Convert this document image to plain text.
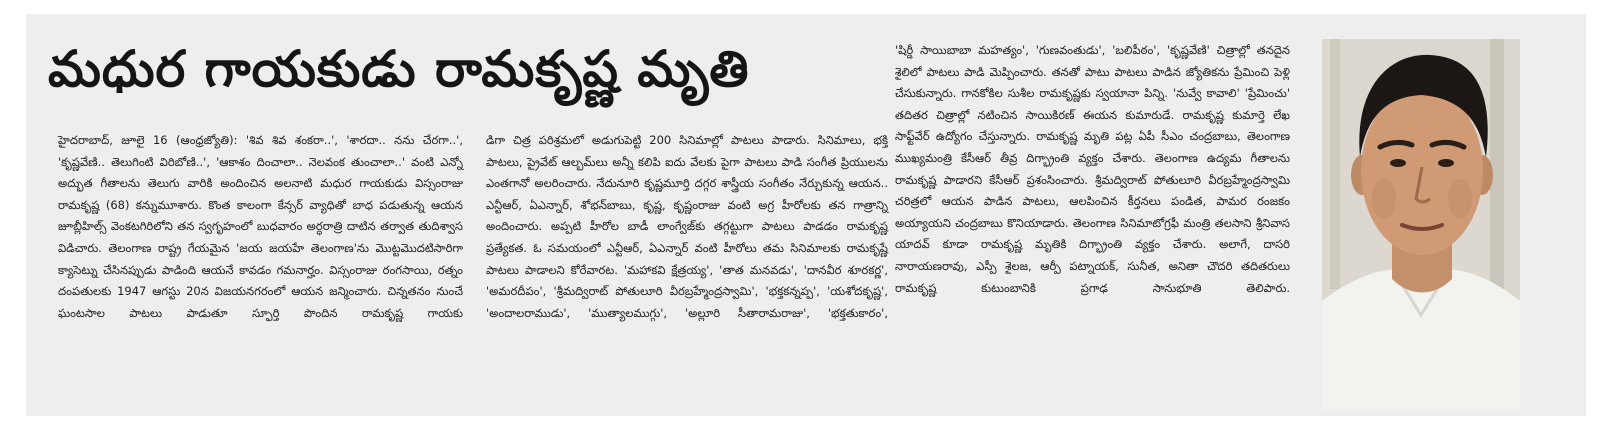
మధుర గాయకుడు రామకృష్ణ మృతి

హైదరాబాద్, జూలై 16 (ఆంధ్రజ్యోతి): 'శివ శివ శంకరా..', 'శారదా.. నను చేరగా..', 'కృష్ణవేణి.. తెలుగింటి విరిబోణి..', 'ఆకాశం దించాలా.. నెలవంక తుంచాలా..' వంటి ఎన్నో అద్భుత గీతాలను తెలుగు వారికి అందించిన అలనాటి మధుర గాయకుడు విస్సంరాజు రామకృష్ణ (68) కన్నుమూశారు. కొంత కాలంగా కేన్సర్ వ్యాధితో బాధ పడుతున్న ఆయన జూబ్లీహిల్స్ వెంకటగిరిలోని తన స్వగృహంలో బుధవారం అర్ధరాత్రి దాటిన తర్వాత తుదిశ్వాస విడిచారు. తెలంగాణ రాష్ట్ర గేయమైన 'జయ జయహే తెలంగాణ'ను మొట్టమొదటిసారిగా క్యాసెట్ను చేసినప్పుడు పాడింది ఆయనే కావడం గమనార్హం. విస్సంరాజు రంగసాయి, రత్నం దంపతులకు 1947 ఆగస్టు 20న విజయనగరంలో ఆయన జన్మించారు. చిన్నతనం నుంచే ఘంటసాల పాటలు పాడుతూ స్ఫూర్తి పొందిన రామకృష్ణ గాయకు

డిగా చిత్ర పరిశ్రమలో అడుగుపెట్టి 200 సినిమాల్లో పాటలు పాడారు. సినిమాలు, భక్తి పాటలు, ప్రైవేట్ ఆల్బమ్‌లు అన్నీ కలిపి ఐదు వేలకు పైగా పాటలు పాడి సంగీత ప్రియులను ఎంతగానో అలరించారు. నేదునూరి కృష్ణమూర్తి దగ్గర శాస్త్రీయ సంగీతం నేర్చుకున్న ఆయన.. ఎన్టీఆర్, ఏఎన్నార్, శోభన్‌బాబు, కృష్ణ, కృష్ణంరాజు వంటి అగ్ర హీరోలకు తన గాత్రాన్ని అందించారు. అప్పటి హీరోల బాడీ లాంగ్వేజ్‌కు తగ్గట్టుగా పాటలు పాడడం రామకృష్ణ ప్రత్యేకత. ఓ సమయంలో ఎన్టీఆర్, ఏఎన్నార్ వంటి హీరోలు తమ సినిమాలకు రామకృష్ణే పాటలు పాడాలని కోరేవారట. 'మహాకవి క్షేత్రయ్య', 'తాత మనవడు', 'దానవీర శూరకర్ణ', 'అమరదీపం', 'శ్రీమద్విరాట్ పోతులూరి వీరబ్రహ్మేంద్రస్వామి', 'భక్తకన్నప్ప', 'యశోదకృష్ణ', 'అందాలరాముడు', 'ముత్యాలముగ్గు', 'అల్లూరి సీతారామరాజు', 'భక్తతుకారం',

'షిర్డీ సాయిబాబా మహత్యం', 'గుణవంతుడు', 'బలిపీఠం', 'కృష్ణవేణి' చిత్రాల్లో తనదైన శైలిలో పాటలు పాడి మెప్పించారు. తనతో పాటు పాటలు పాడిన జ్యోతికను ప్రేమించి పెళ్లి చేసుకున్నారు. గానకోకిల సుశీల రామకృష్ణకు స్వయానా పిన్ని. 'నువ్వే కావాలి' 'ప్రేమించు' తదితర చిత్రాల్లో నటించిన సాయికిరణ్ ఈయన కుమారుడే. రామకృష్ణ కుమార్తె లేఖ సాఫ్ట్‌వేర్ ఉద్యోగం చేస్తున్నారు. రామకృష్ణ మృతి పట్ల ఏపీ సీఎం చంద్రబాబు, తెలంగాణ ముఖ్యమంత్రి కేసీఆర్ తీవ్ర దిగ్భ్రాంతి వ్యక్తం చేశారు. తెలంగాణ ఉద్యమ గీతాలను రామకృష్ణ పాడారని కేసీఆర్ ప్రశంసించారు. శ్రీమద్విరాట్ పోతులూరి వీరబ్రహ్మేంద్రస్వామి చరిత్రలో ఆయన పాడిన పాటలు, ఆలపించిన కీర్తనలు పండిత, పామర రంజకం అయ్యాయని చంద్రబాబు కొనియాడారు. తెలంగాణ సినిమాటోగ్రఫీ మంత్రి తలసాని శ్రీనివాస యాదవ్ కూడా రామకృష్ణ మృతికి దిగ్భ్రాంతి వ్యక్తం చేశారు. అలాగే, దాసరి నారాయణరావు, ఎస్పీ శైలజ, ఆర్పీ పట్నాయక్, సునీత, అనితా చౌదరి తదితరులు రామకృష్ణ కుటుంబానికి ప్రగాఢ సానుభూతి తెలిపారు.
